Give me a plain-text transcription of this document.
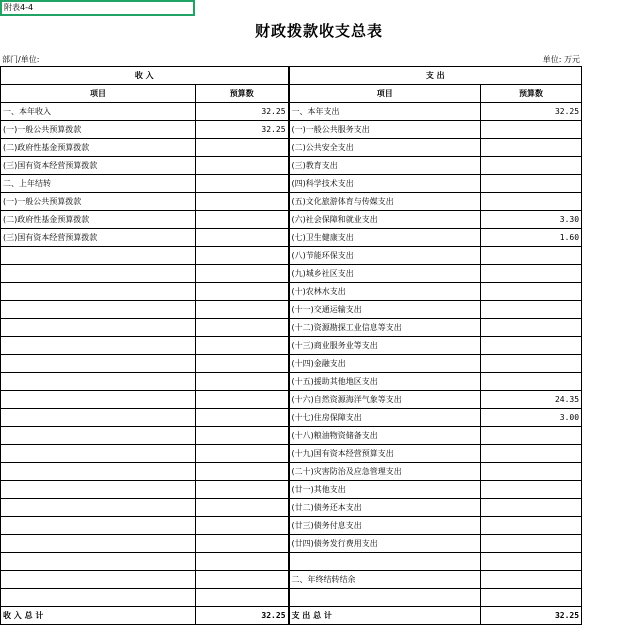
附表4-4
财政拨款收支总表
部门/单位:	单位: 万元
收 入		支 出	
项目	预算数	项目	预算数
一、本年收入	32.25	一、本年支出	32.25
(一)一般公共预算拨款	32.25	(一)一般公共服务支出	
(二)政府性基金预算拨款		(二)公共安全支出	
(三)国有资本经营预算拨款		(三)教育支出	
二、上年结转		(四)科学技术支出	
(一)一般公共预算拨款		(五)文化旅游体育与传媒支出	
(二)政府性基金预算拨款		(六)社会保障和就业支出	3.30
(三)国有资本经营预算拨款		(七)卫生健康支出	1.60
		(八)节能环保支出	
		(九)城乡社区支出	
		(十)农林水支出	
		(十一)交通运输支出	
		(十二)资源勘探工业信息等支出	
		(十三)商业服务业等支出	
		(十四)金融支出	
		(十五)援助其他地区支出	
		(十六)自然资源海洋气象等支出	24.35
		(十七)住房保障支出	3.00
		(十八)粮油物资储备支出	
		(十九)国有资本经营预算支出	
		(二十)灾害防治及应急管理支出	
		(廿一)其他支出	
		(廿二)债务还本支出	
		(廿三)债务付息支出	
		(廿四)债务发行费用支出	

		二、年终结转结余	

收 入 总 计	32.25	支 出 总 计	32.25
